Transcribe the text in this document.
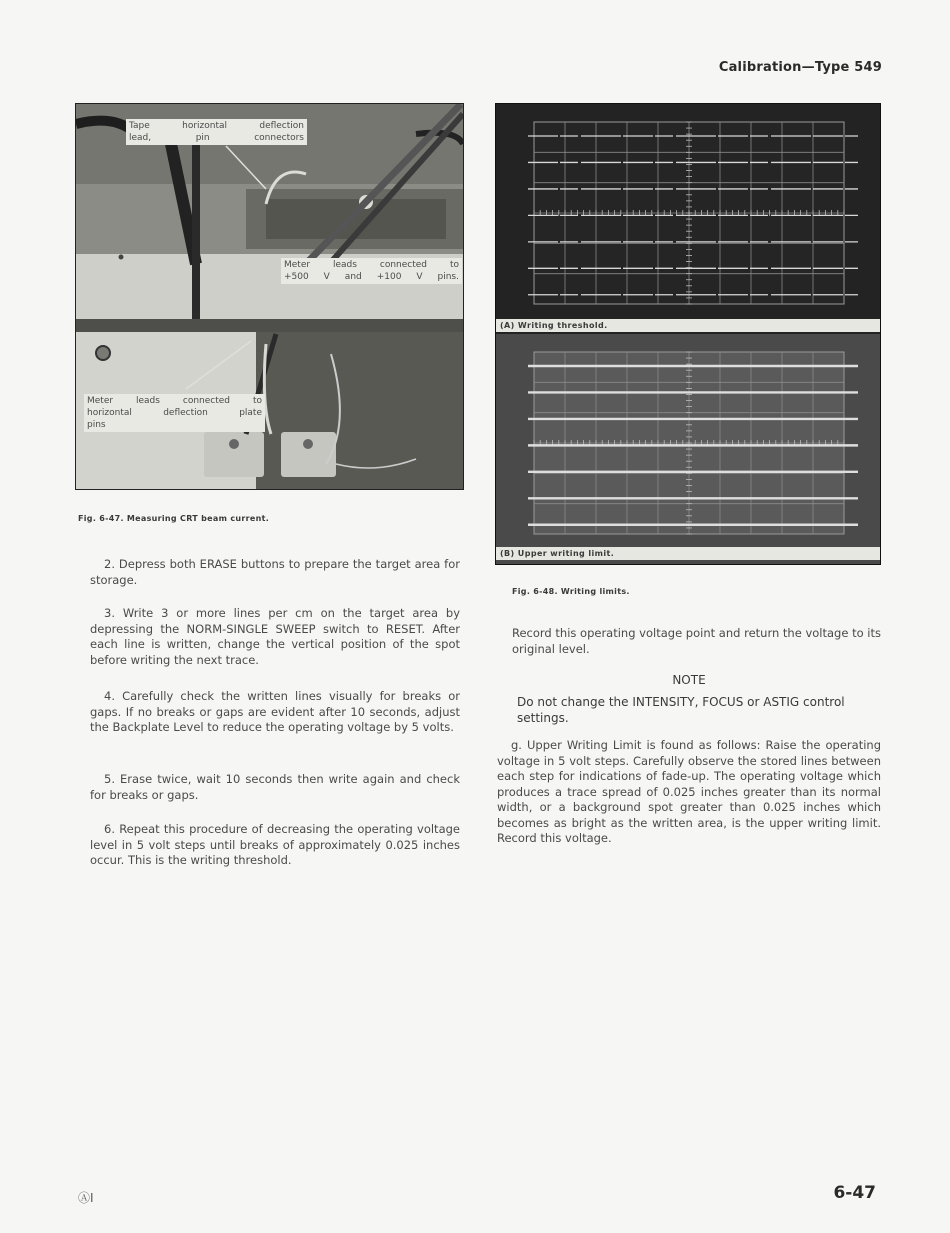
Calibration—Type 549
Tape horizontal deflection
lead, pin connectors
Meter leads connected to
+500 V and +100 V pins.
Meter leads connected to
horizontal deflection plate
pins
Fig. 6-47. Measuring CRT beam current.
(A) Writing threshold.
(B) Upper writing limit.
Fig. 6-48. Writing limits.

2. Depress both ERASE buttons to prepare the target area for storage.

3. Write 3 or more lines per cm on the target area by depressing the NORM-SINGLE SWEEP switch to RESET. After each line is written, change the vertical position of the spot before writing the next trace.

4. Carefully check the written lines visually for breaks or gaps. If no breaks or gaps are evident after 10 seconds, adjust the Backplate Level to reduce the operating voltage by 5 volts.

5. Erase twice, wait 10 seconds then write again and check for breaks or gaps.

6. Repeat this procedure of decreasing the operating voltage level in 5 volt steps until breaks of approximately 0.025 inches occur. This is the writing threshold.

Record this operating voltage point and return the voltage to its original level.
NOTE
Do not change the INTENSITY, FOCUS or ASTIG control settings.

g. Upper Writing Limit is found as follows: Raise the operating voltage in 5 volt steps. Carefully observe the stored lines between each step for indications of fade-up. The operating voltage which produces a trace spread of 0.025 inches greater than its normal width, or a background spot greater than 0.025 inches which becomes as bright as the written area, is the upper writing limit. Record this voltage.

ⒶI	6-47
